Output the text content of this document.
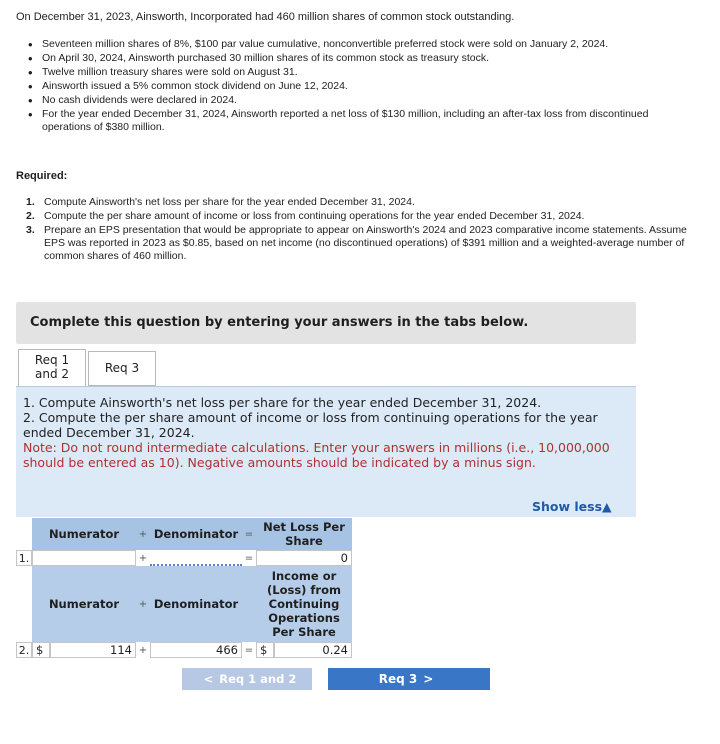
On December 31, 2023, Ainsworth, Incorporated had 460 million shares of common stock outstanding.
• Seventeen million shares of 8%, $100 par value cumulative, nonconvertible preferred stock were sold on January 2, 2024.
• On April 30, 2024, Ainsworth purchased 30 million shares of its common stock as treasury stock.
• Twelve million treasury shares were sold on August 31.
• Ainsworth issued a 5% common stock dividend on June 12, 2024.
• No cash dividends were declared in 2024.
• For the year ended December 31, 2024, Ainsworth reported a net loss of $130 million, including an after-tax loss from discontinued operations of $380 million.
Required:
1. Compute Ainsworth's net loss per share for the year ended December 31, 2024.
2. Compute the per share amount of income or loss from continuing operations for the year ended December 31, 2024.
3. Prepare an EPS presentation that would be appropriate to appear on Ainsworth's 2024 and 2023 comparative income statements. Assume EPS was reported in 2023 as $0.85, based on net income (no discontinued operations) of $391 million and a weighted-average number of common shares of 460 million.
Complete this question by entering your answers in the tabs below.
Req 1
and 2	Req 3
1. Compute Ainsworth's net loss per share for the year ended December 31, 2024.
2. Compute the per share amount of income or loss from continuing operations for the year ended December 31, 2024.
Note: Do not round intermediate calculations. Enter your answers in millions (i.e., 10,000,000 should be entered as 10). Negative amounts should be indicated by a minus sign.
Show less▲
Numerator	+ Denominator = Net Loss Per Share
1.	+	=	0
Numerator	+ Denominator
Income or (Loss) from Continuing Operations Per Share
2. $	114 +	466 = $	0.24
< Req 1 and 2	Req 3 >
